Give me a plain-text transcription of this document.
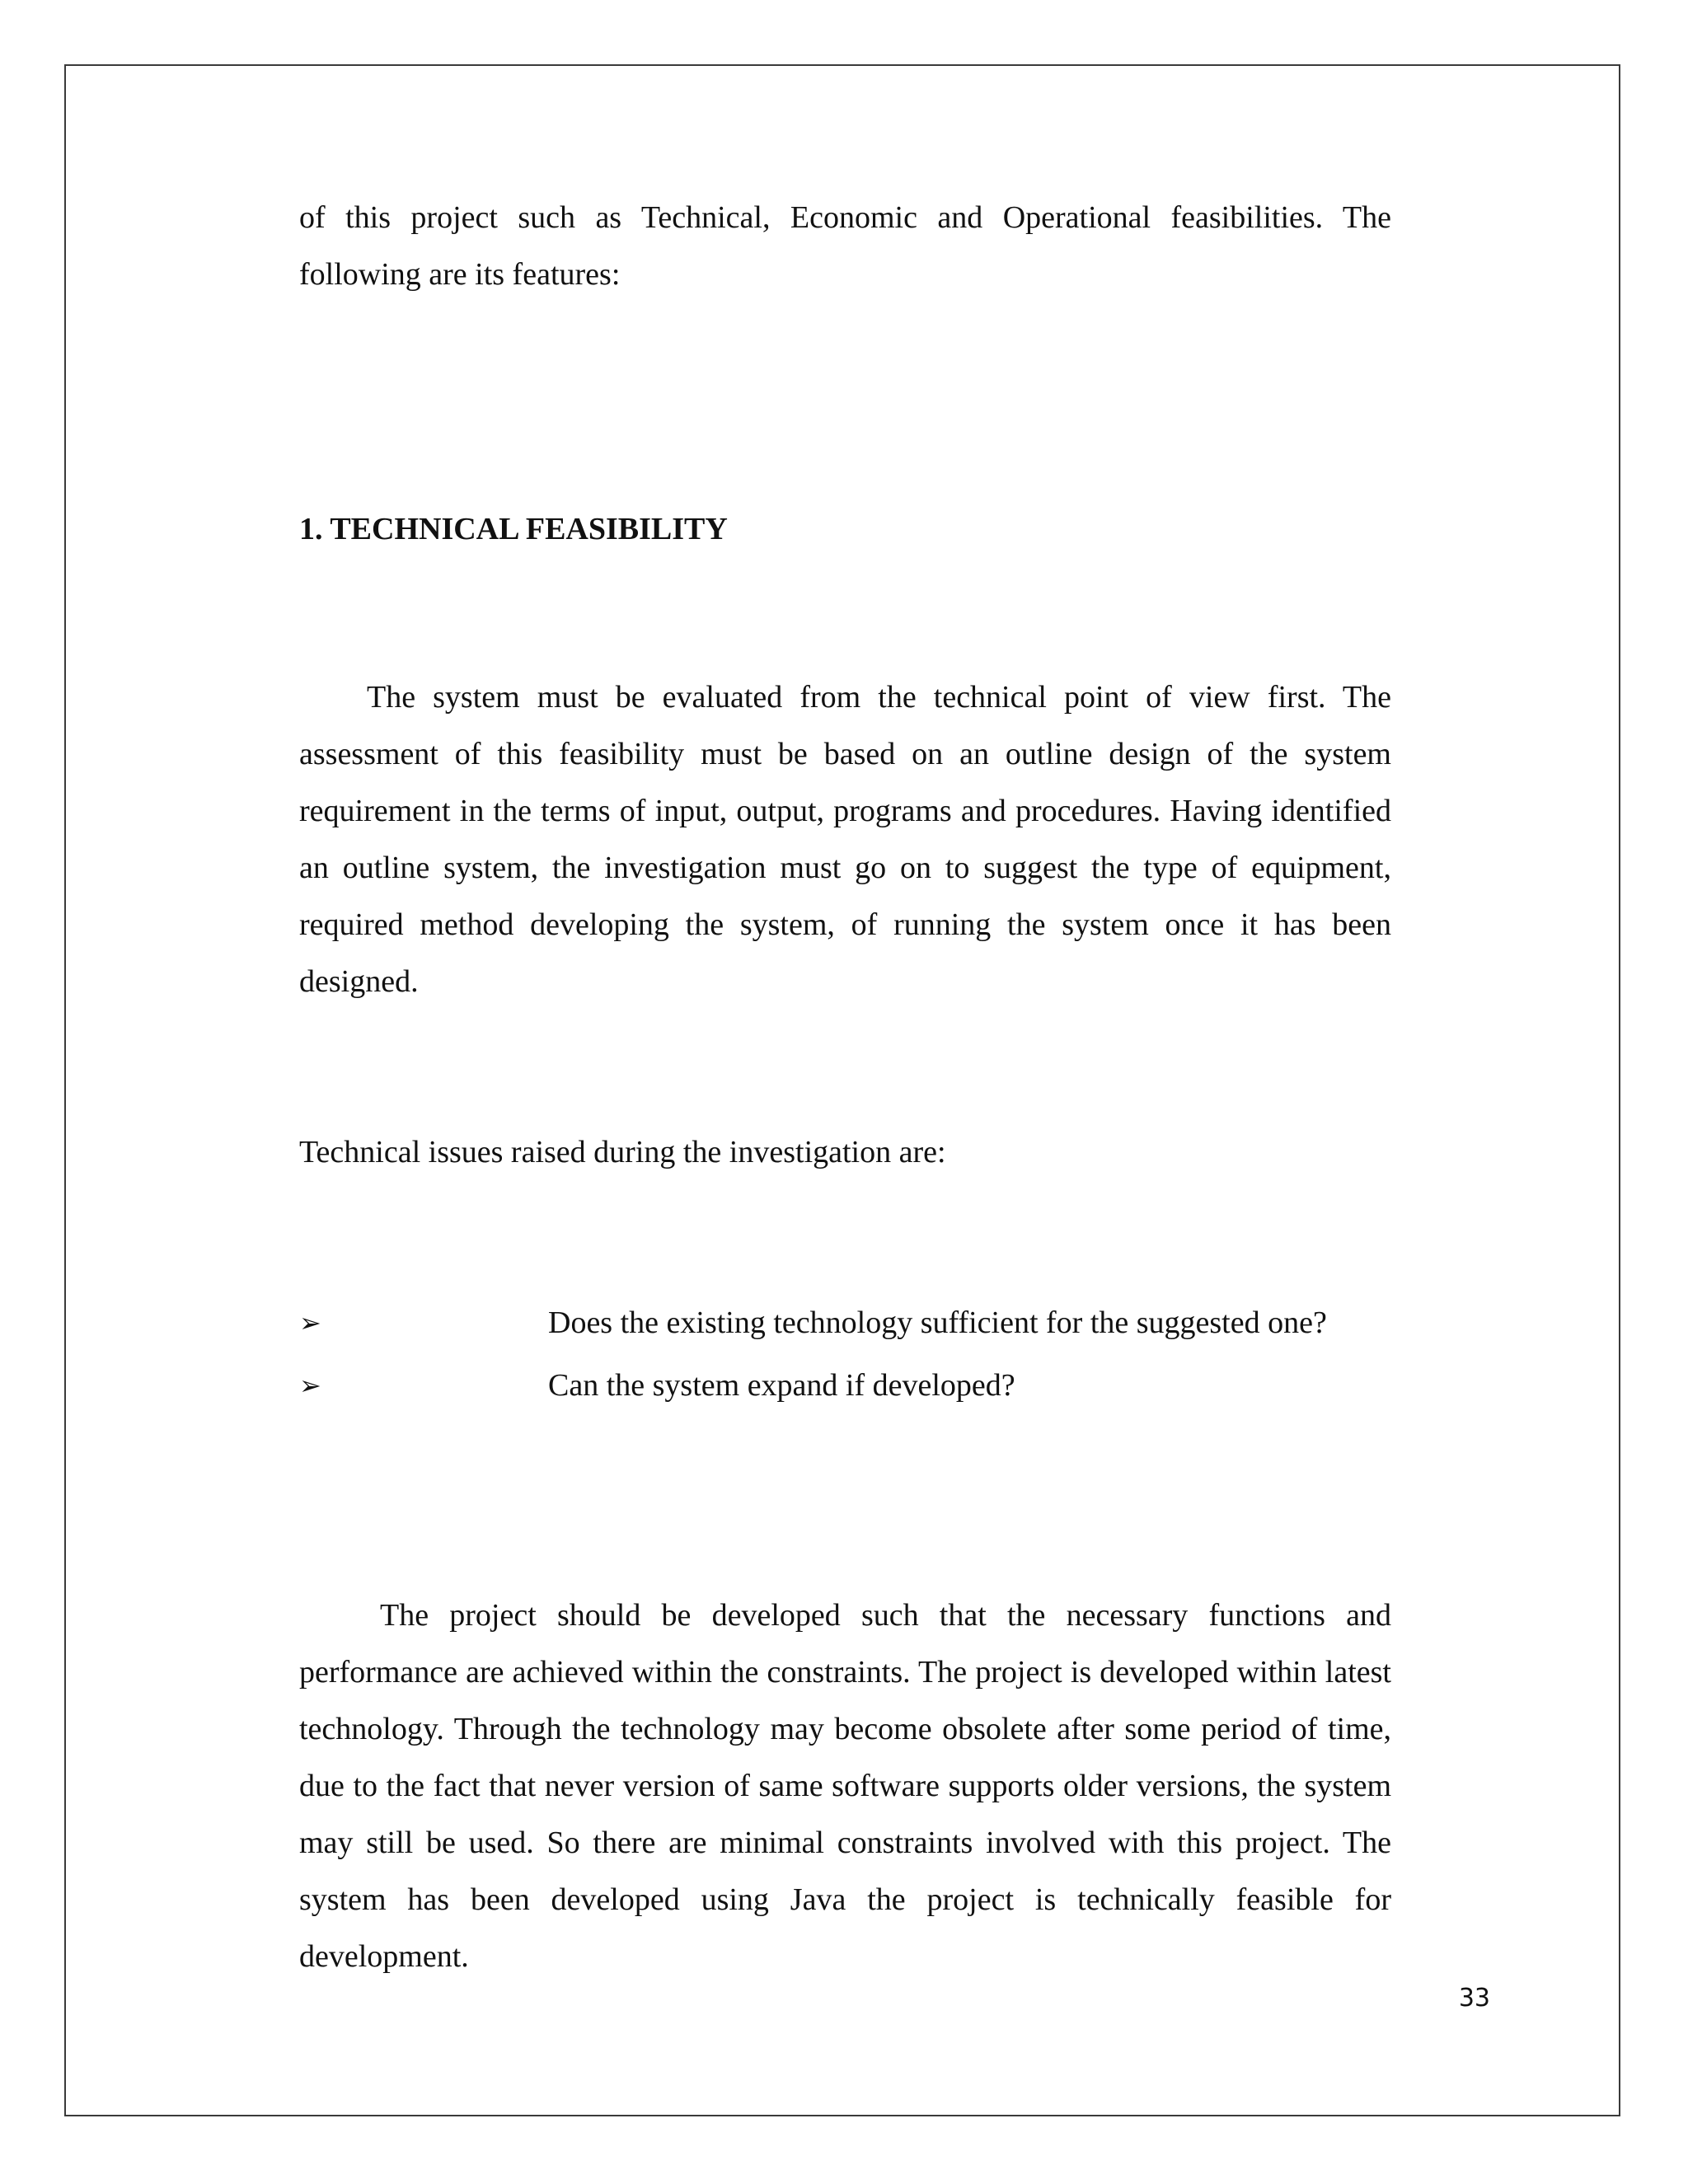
of this project such as Technical, Economic and Operational feasibilities. The

following are its features:

1. TECHNICAL FEASIBILITY

The system must be evaluated from the technical point of view first. The assessment of this feasibility must be based on an outline design of the system requirement in the terms of input, output, programs and procedures. Having identified an outline system, the investigation must go on to suggest the type of equipment, required method developing the system, of running the system once it has been designed.

Technical issues raised during the investigation are:

➢	Does the existing technology sufficient for the suggested one?
➢	Can the system expand if developed?

The project should be developed such that the necessary functions and performance are achieved within the constraints. The project is developed within latest technology. Through the technology may become obsolete after some period of time, due to the fact that never version of same software supports older versions, the system may still be used. So there are minimal constraints involved with this project. The system has been developed using Java the project is technically feasible for development.

33
